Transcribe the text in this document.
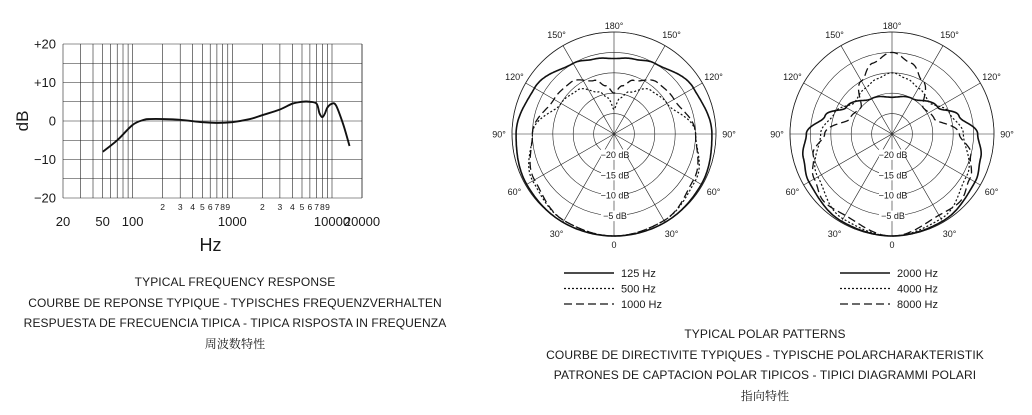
+20
+10
0
−10
−20
20 50 100	1000	10000
20000
2 3 4 5 6 7 8 9	2 3 4 5 6 7 8 9
Hz
dB
0
30°
60°
90°
120°
150°
180°
150°
120°
90°
60°
30°
−20 dB
−15 dB
−10 dB
−5 dB
0
30°
60°
90°
120°
150°
180°
150°
120°
90°
60°
30°
−20 dB
−15 dB
−10 dB
−5 dB
125 Hz
500 Hz
1000 Hz
2000 Hz
4000 Hz
8000 Hz
TYPICAL FREQUENCY RESPONSE
COURBE DE REPONSE TYPIQUE - TYPISCHES FREQUENZVERHALTEN
RESPUESTA DE FRECUENCIA TIPICA - TIPICA RISPOSTA IN FREQUENZA
周波数特性
TYPICAL POLAR PATTERNS
COURBE DE DIRECTIVITE TYPIQUES - TYPISCHE POLARCHARAKTERISTIK
PATRONES DE CAPTACION POLAR TIPICOS - TIPICI DIAGRAMMI POLARI
指向特性
